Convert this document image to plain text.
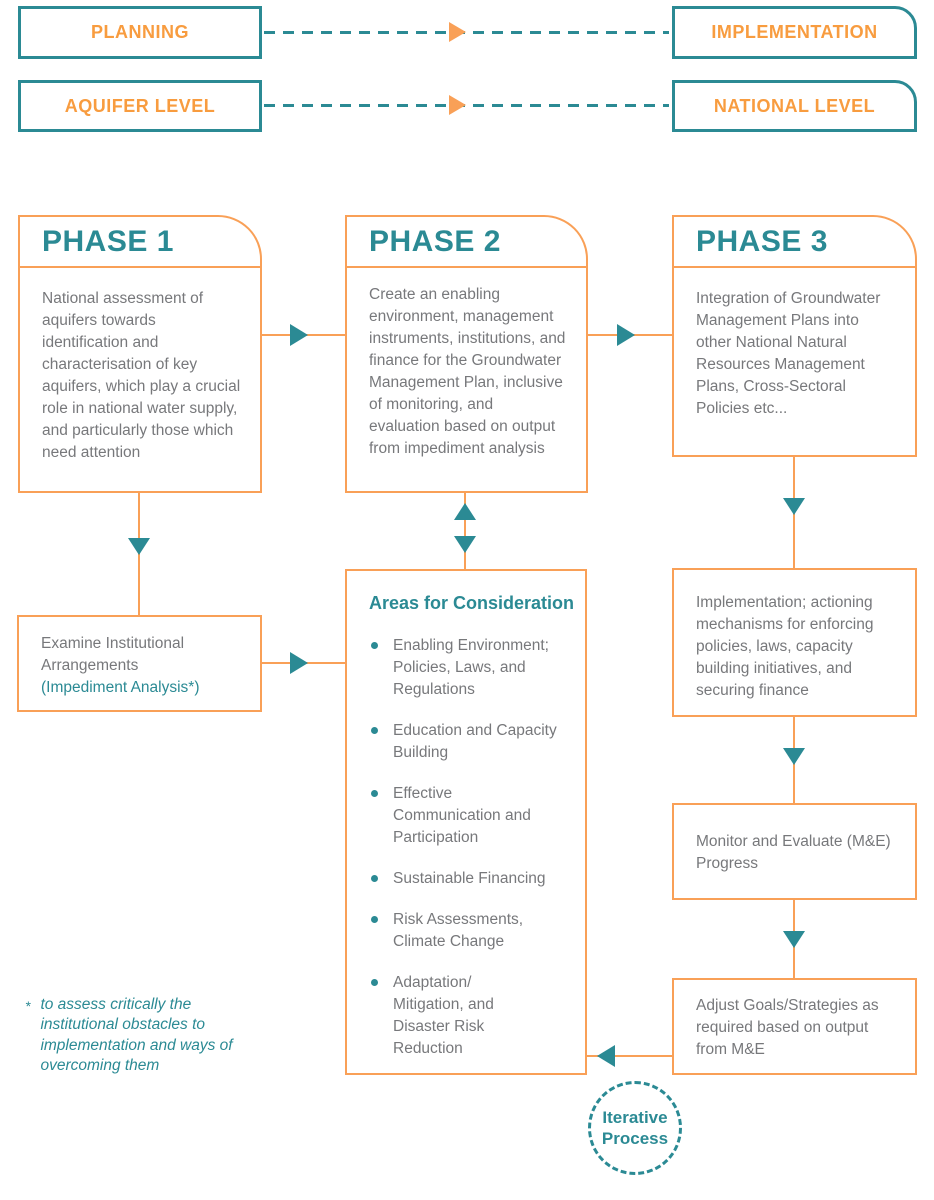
PLANNING	IMPLEMENTATION
AQUIFER LEVEL	NATIONAL LEVEL
PHASE 1
National assessment of aquifers towards identification and characterisation of key aquifers, which play a crucial role in national water supply, and particularly those which need attention
PHASE 2
Create an enabling environment, management instruments, institutions, and finance for the Groundwater Management Plan, inclusive of monitoring, and evaluation based on output from impediment analysis
PHASE 3
Integration of Groundwater Management Plans into other National Natural Resources Management Plans, Cross-Sectoral Policies etc...
Examine Institutional Arrangements
(Impediment Analysis*)
Areas for Consideration
Enabling Environment; Policies, Laws, and Regulations
Education and Capacity Building
Effective Communication and Participation
Sustainable Financing
Risk Assessments, Climate Change
Adaptation/ Mitigation, and Disaster Risk Reduction
Implementation; actioning mechanisms for enforcing policies, laws, capacity building initiatives, and securing finance
Monitor and Evaluate (M&E) Progress
Adjust Goals/Strategies as required based on output from M&E
Iterative Process
* to assess critically the institutional obstacles to implementation and ways of overcoming them
